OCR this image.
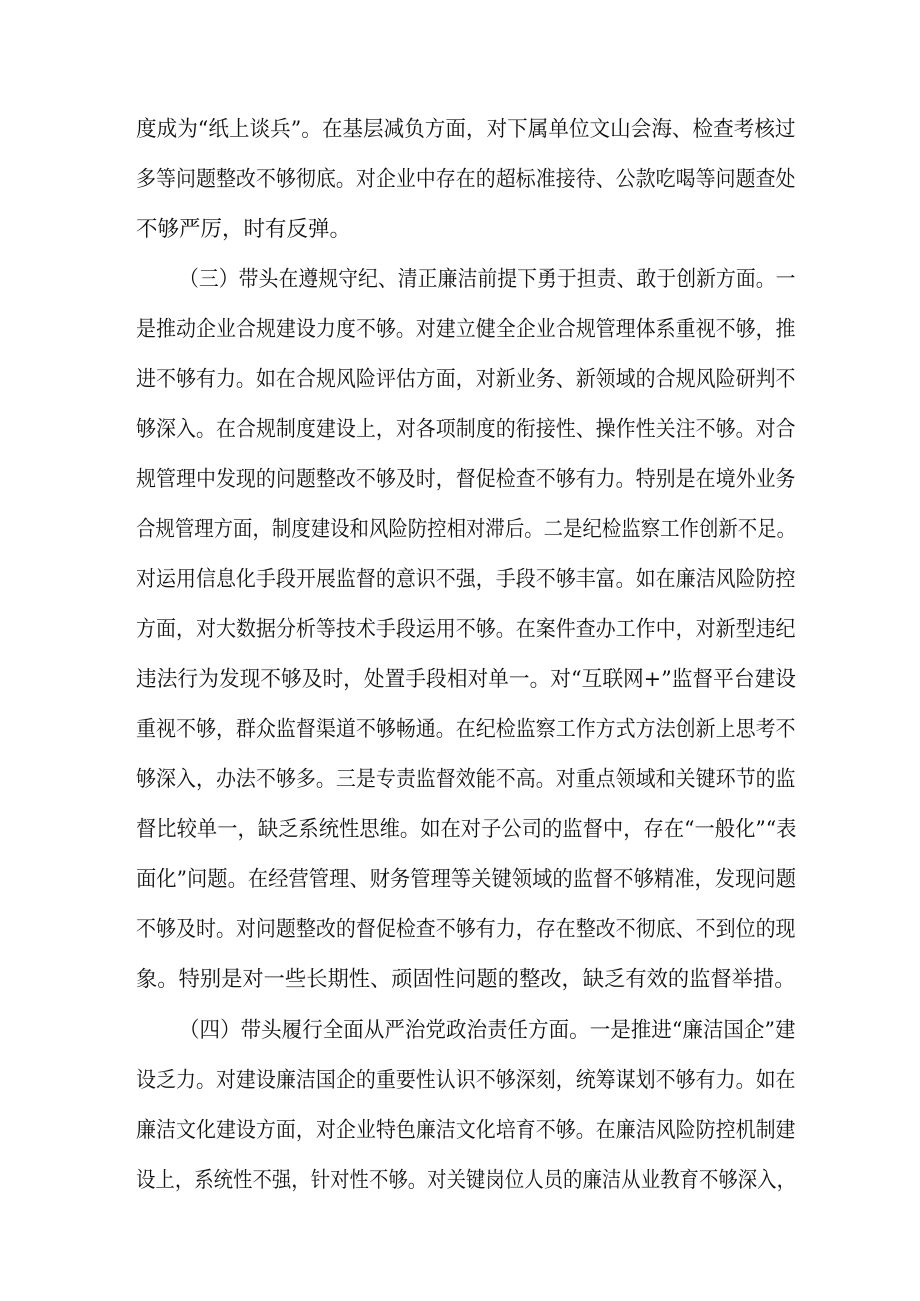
度成为“纸上谈兵”。在基层减负方面，对下属单位文山会海、检查考核过
多等问题整改不够彻底。对企业中存在的超标准接待、公款吃喝等问题查处
不够严厉，时有反弹。
（三）带头在遵规守纪、清正廉洁前提下勇于担责、敢于创新方面。一
是推动企业合规建设力度不够。对建立健全企业合规管理体系重视不够，推
进不够有力。如在合规风险评估方面，对新业务、新领域的合规风险研判不
够深入。在合规制度建设上，对各项制度的衔接性、操作性关注不够。对合
规管理中发现的问题整改不够及时，督促检查不够有力。特别是在境外业务
合规管理方面，制度建设和风险防控相对滞后。二是纪检监察工作创新不足。
对运用信息化手段开展监督的意识不强，手段不够丰富。如在廉洁风险防控
方面，对大数据分析等技术手段运用不够。在案件查办工作中，对新型违纪
违法行为发现不够及时，处置手段相对单一。对“互联网+”监督平台建设
重视不够，群众监督渠道不够畅通。在纪检监察工作方式方法创新上思考不
够深入，办法不够多。三是专责监督效能不高。对重点领域和关键环节的监
督比较单一，缺乏系统性思维。如在对子公司的监督中，存在“一般化”“表
面化”问题。在经营管理、财务管理等关键领域的监督不够精准，发现问题
不够及时。对问题整改的督促检查不够有力，存在整改不彻底、不到位的现
象。特别是对一些长期性、顽固性问题的整改，缺乏有效的监督举措。
（四）带头履行全面从严治党政治责任方面。一是推进“廉洁国企”建
设乏力。对建设廉洁国企的重要性认识不够深刻，统筹谋划不够有力。如在
廉洁文化建设方面，对企业特色廉洁文化培育不够。在廉洁风险防控机制建
设上，系统性不强，针对性不够。对关键岗位人员的廉洁从业教育不够深入，
